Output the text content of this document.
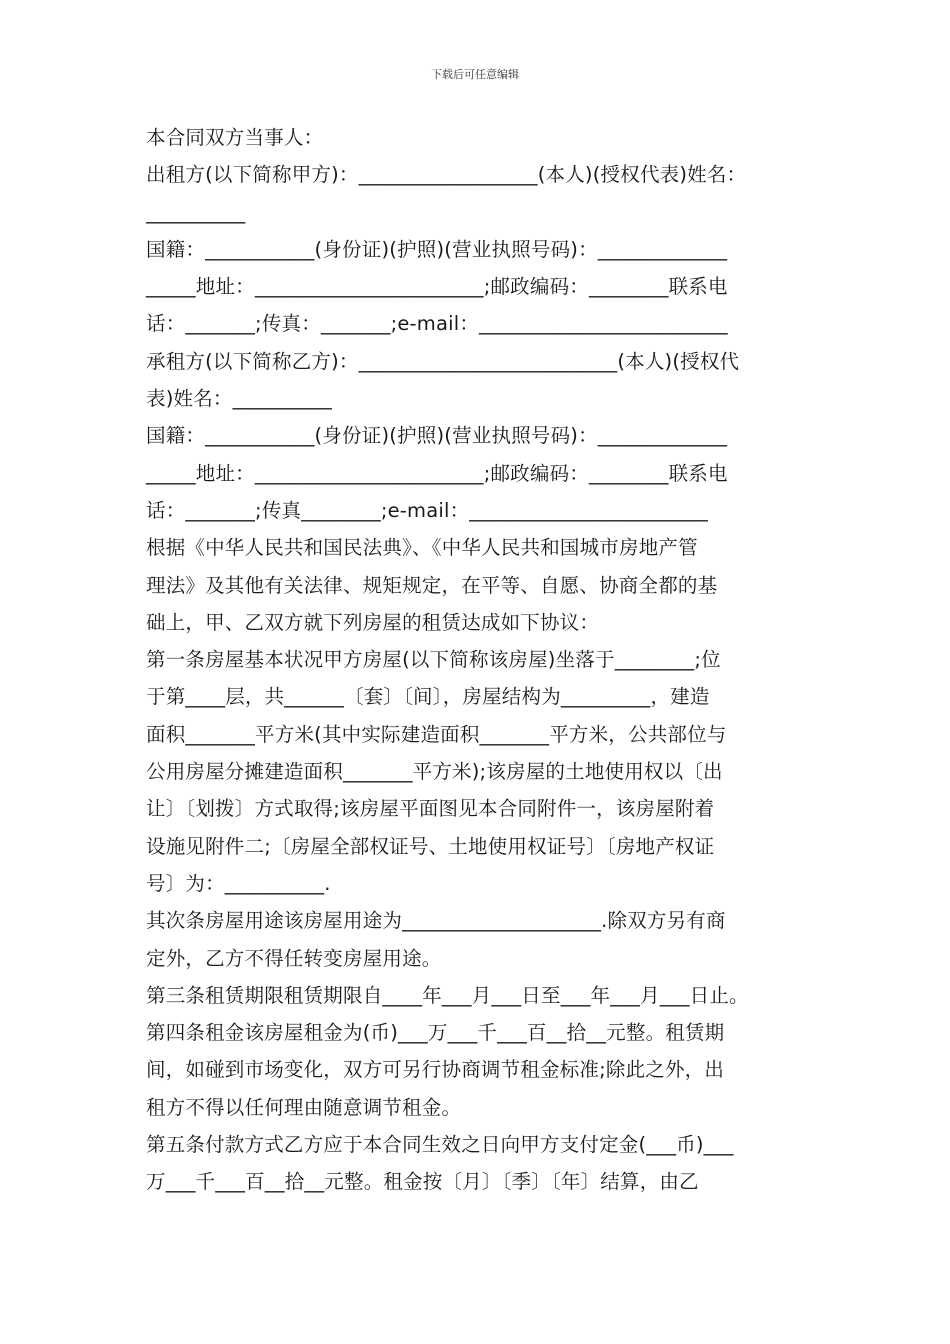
下载后可任意编辑
本合同双方当事人：
出租方(以下简称甲方)：__________________(本人)(授权代表)姓名：
__________
国籍：___________(身份证)(护照)(营业执照号码)：_____________
_____地址：_______________________;邮政编码：________联系电
话：_______;传真：_______;e-mail：_________________________
承租方(以下简称乙方)：__________________________(本人)(授权代
表)姓名：__________
国籍：___________(身份证)(护照)(营业执照号码)：_____________
_____地址：_______________________;邮政编码：________联系电
话：_______;传真________;e-mail：________________________
根据《中华人民共和国民法典》、《中华人民共和国城市房地产管
理法》及其他有关法律、规矩规定，在平等、自愿、协商全都的基
础上，甲、乙双方就下列房屋的租赁达成如下协议：
第一条房屋基本状况甲方房屋(以下简称该房屋)坐落于________;位
于第____层，共______〔套〕〔间〕，房屋结构为_________，建造
面积_______平方米(其中实际建造面积_______平方米，公共部位与
公用房屋分摊建造面积_______平方米);该房屋的土地使用权以〔出
让〕〔划拨〕方式取得;该房屋平面图见本合同附件一，该房屋附着
设施见附件二;〔房屋全部权证号、土地使用权证号〕〔房地产权证
号〕为：__________.
其次条房屋用途该房屋用途为____________________.除双方另有商
定外，乙方不得任转变房屋用途。
第三条租赁期限租赁期限自____年___月___日至___年___月___日止。
第四条租金该房屋租金为(币)___万___千___百__拾__元整。租赁期
间，如碰到市场变化，双方可另行协商调节租金标准;除此之外，出
租方不得以任何理由随意调节租金。
第五条付款方式乙方应于本合同生效之日向甲方支付定金(___币)___
万___千___百__拾__元整。租金按〔月〕〔季〕〔年〕结算，由乙
